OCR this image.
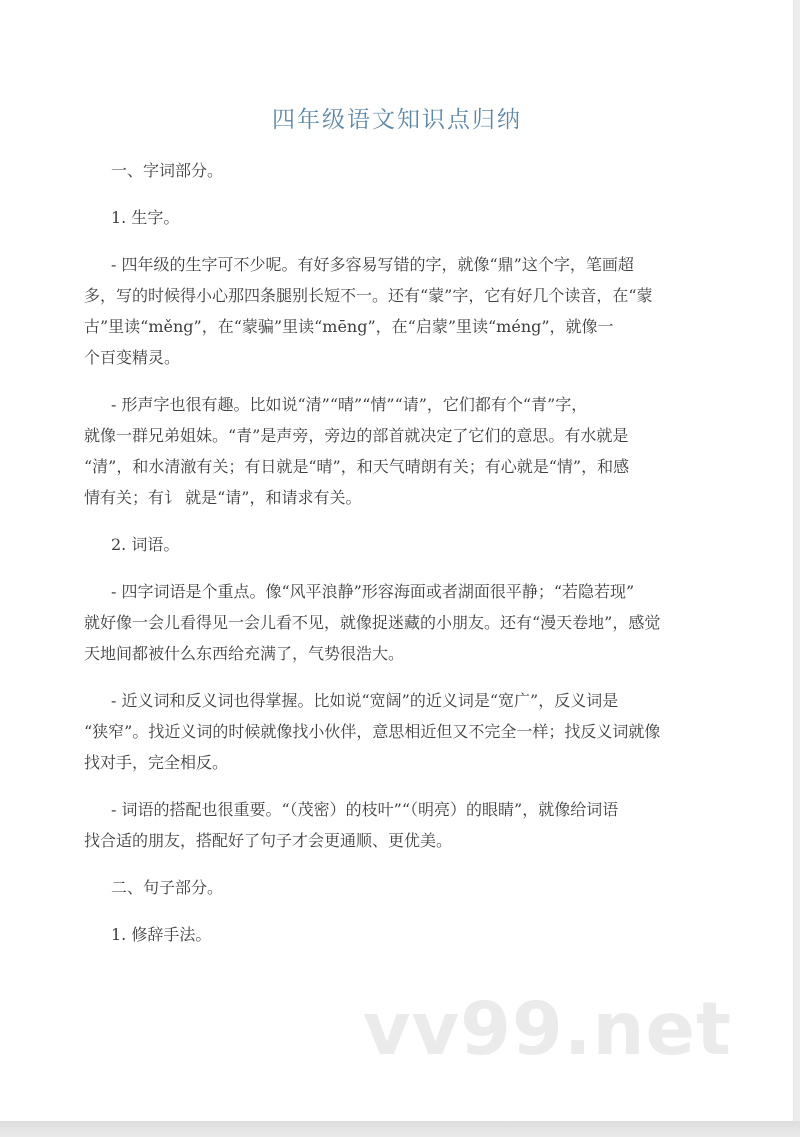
四年级语文知识点归纳
一、字词部分。
1. 生字。
- 四年级的生字可不少呢。有好多容易写错的字，就像“鼎”这个字，笔画超
多，写的时候得小心那四条腿别长短不一。还有“蒙”字，它有好几个读音，在“蒙
古”里读“měng”，在“蒙骗”里读“mēng”，在“启蒙”里读“méng”，就像一
个百变精灵。
- 形声字也很有趣。比如说“清”“晴”“情”“请”，它们都有个“青”字，
就像一群兄弟姐妹。“青”是声旁，旁边的部首就决定了它们的意思。有水就是
“清”，和水清澈有关；有日就是“晴”，和天气晴朗有关；有心就是“情”，和感
情有关；有讠 就是“请”，和请求有关。
2. 词语。
- 四字词语是个重点。像“风平浪静”形容海面或者湖面很平静；“若隐若现”
就好像一会儿看得见一会儿看不见，就像捉迷藏的小朋友。还有“漫天卷地”，感觉
天地间都被什么东西给充满了，气势很浩大。
- 近义词和反义词也得掌握。比如说“宽阔”的近义词是“宽广”，反义词是
“狭窄”。找近义词的时候就像找小伙伴，意思相近但又不完全一样；找反义词就像
找对手，完全相反。
- 词语的搭配也很重要。“（茂密）的枝叶”“（明亮）的眼睛”，就像给词语
找合适的朋友，搭配好了句子才会更通顺、更优美。
二、句子部分。
1. 修辞手法。
vv99.net
